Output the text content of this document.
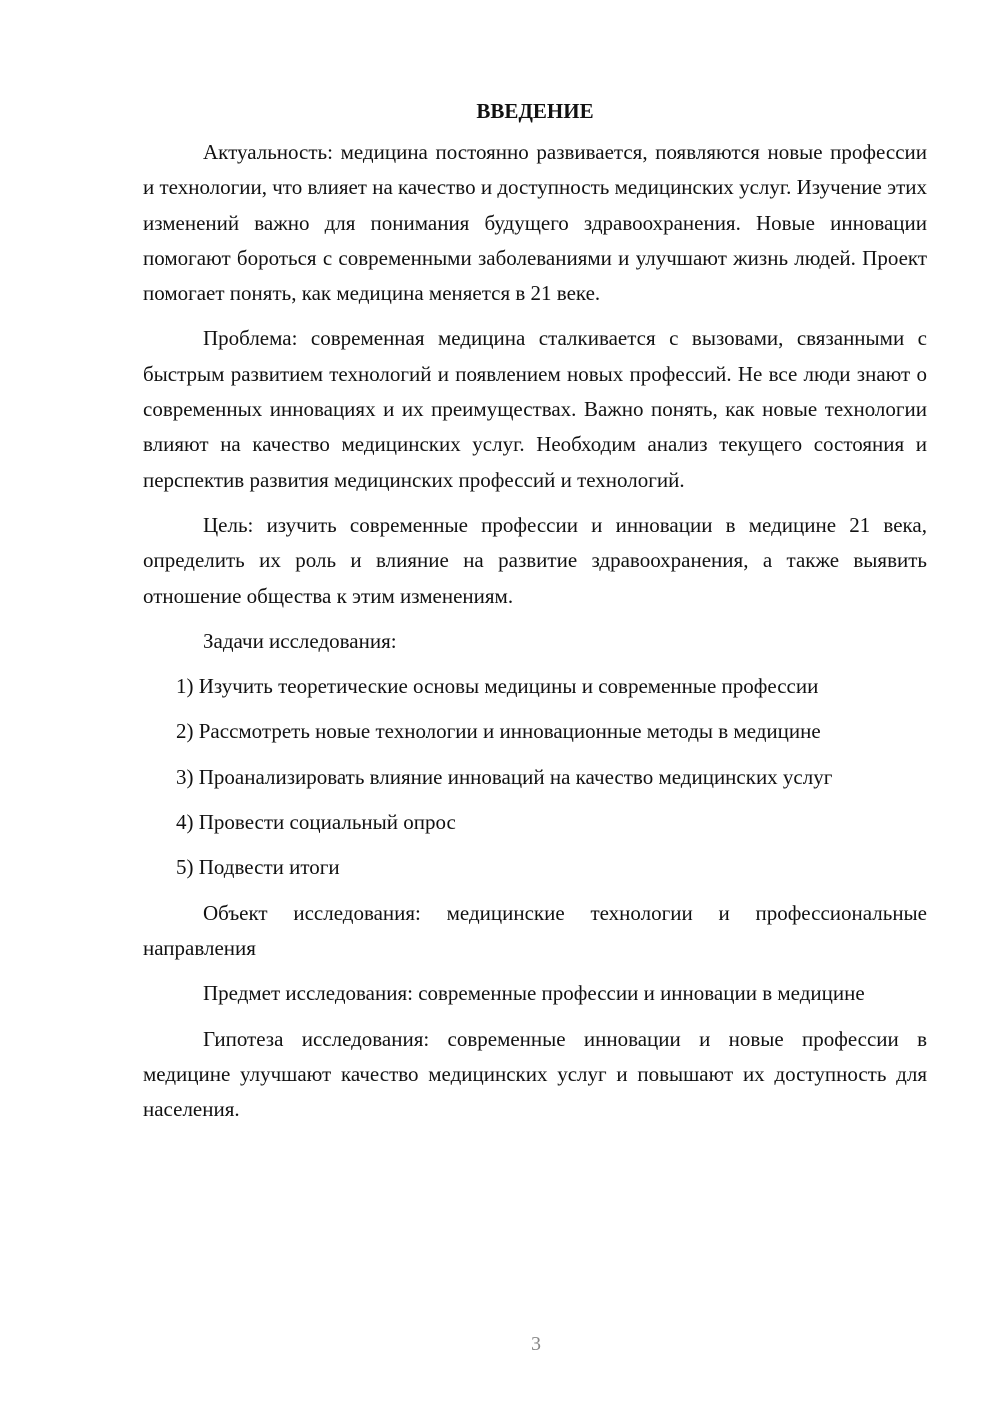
ВВЕДЕНИЕ

Актуальность: медицина постоянно развивается, появляются новые профессии и технологии, что влияет на качество и доступность медицинских услуг. Изучение этих изменений важно для понимания будущего здравоохранения. Новые инновации помогают бороться с современными заболеваниями и улучшают жизнь людей. Проект помогает понять, как медицина меняется в 21 веке.

Проблема: современная медицина сталкивается с вызовами, связанными с быстрым развитием технологий и появлением новых профессий. Не все люди знают о современных инновациях и их преимуществах. Важно понять, как новые технологии влияют на качество медицинских услуг. Необходим анализ текущего состояния и перспектив развития медицинских профессий и технологий.

Цель: изучить современные профессии и инновации в медицине 21 века, определить их роль и влияние на развитие здравоохранения, а также выявить отношение общества к этим изменениям.

Задачи исследования:

1) Изучить теоретические основы медицины и современные профессии

2) Рассмотреть новые технологии и инновационные методы в медицине

3) Проанализировать влияние инноваций на качество медицинских услуг

4) Провести социальный опрос

5) Подвести итоги

Объект исследования: медицинские технологии и профессиональные направления

Предмет исследования: современные профессии и инновации в медицине

Гипотеза исследования: современные инновации и новые профессии в медицине улучшают качество медицинских услуг и повышают их доступность для населения.

3
